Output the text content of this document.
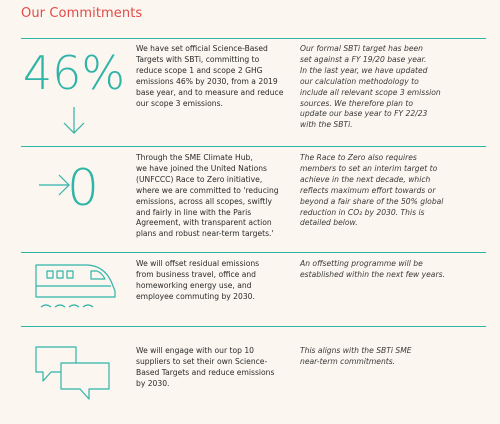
Our Commitments
46% We have set official Science-Based
Targets with SBTi, committing to
reduce scope 1 and scope 2 GHG
emissions 46% by 2030, from a 2019
base year, and to measure and reduce
our scope 3 emissions.
Our formal SBTi target has been
set against a FY 19/20 base year.
In the last year, we have updated
our calculation methodology to
include all relevant scope 3 emission
sources. We therefore plan to
update our base year to FY 22/23
with the SBTi.
0
Through the SME Climate Hub,
we have joined the United Nations
(UNFCCC) Race to Zero initiative,
where we are committed to 'reducing
emissions, across all scopes, swiftly
and fairly in line with the Paris
Agreement, with transparent action
plans and robust near-term targets.'
The Race to Zero also requires
members to set an interim target to
achieve in the next decade, which
reflects maximum effort towards or
beyond a fair share of the 50% global
reduction in CO₂ by 2030. This is
detailed below.
We will offset residual emissions
from business travel, office and
homeworking energy use, and
employee commuting by 2030.
An offsetting programme will be
established within the next few years.
We will engage with our top 10
suppliers to set their own Science-
Based Targets and reduce emissions
by 2030.
This aligns with the SBTi SME
near-term commitments.
